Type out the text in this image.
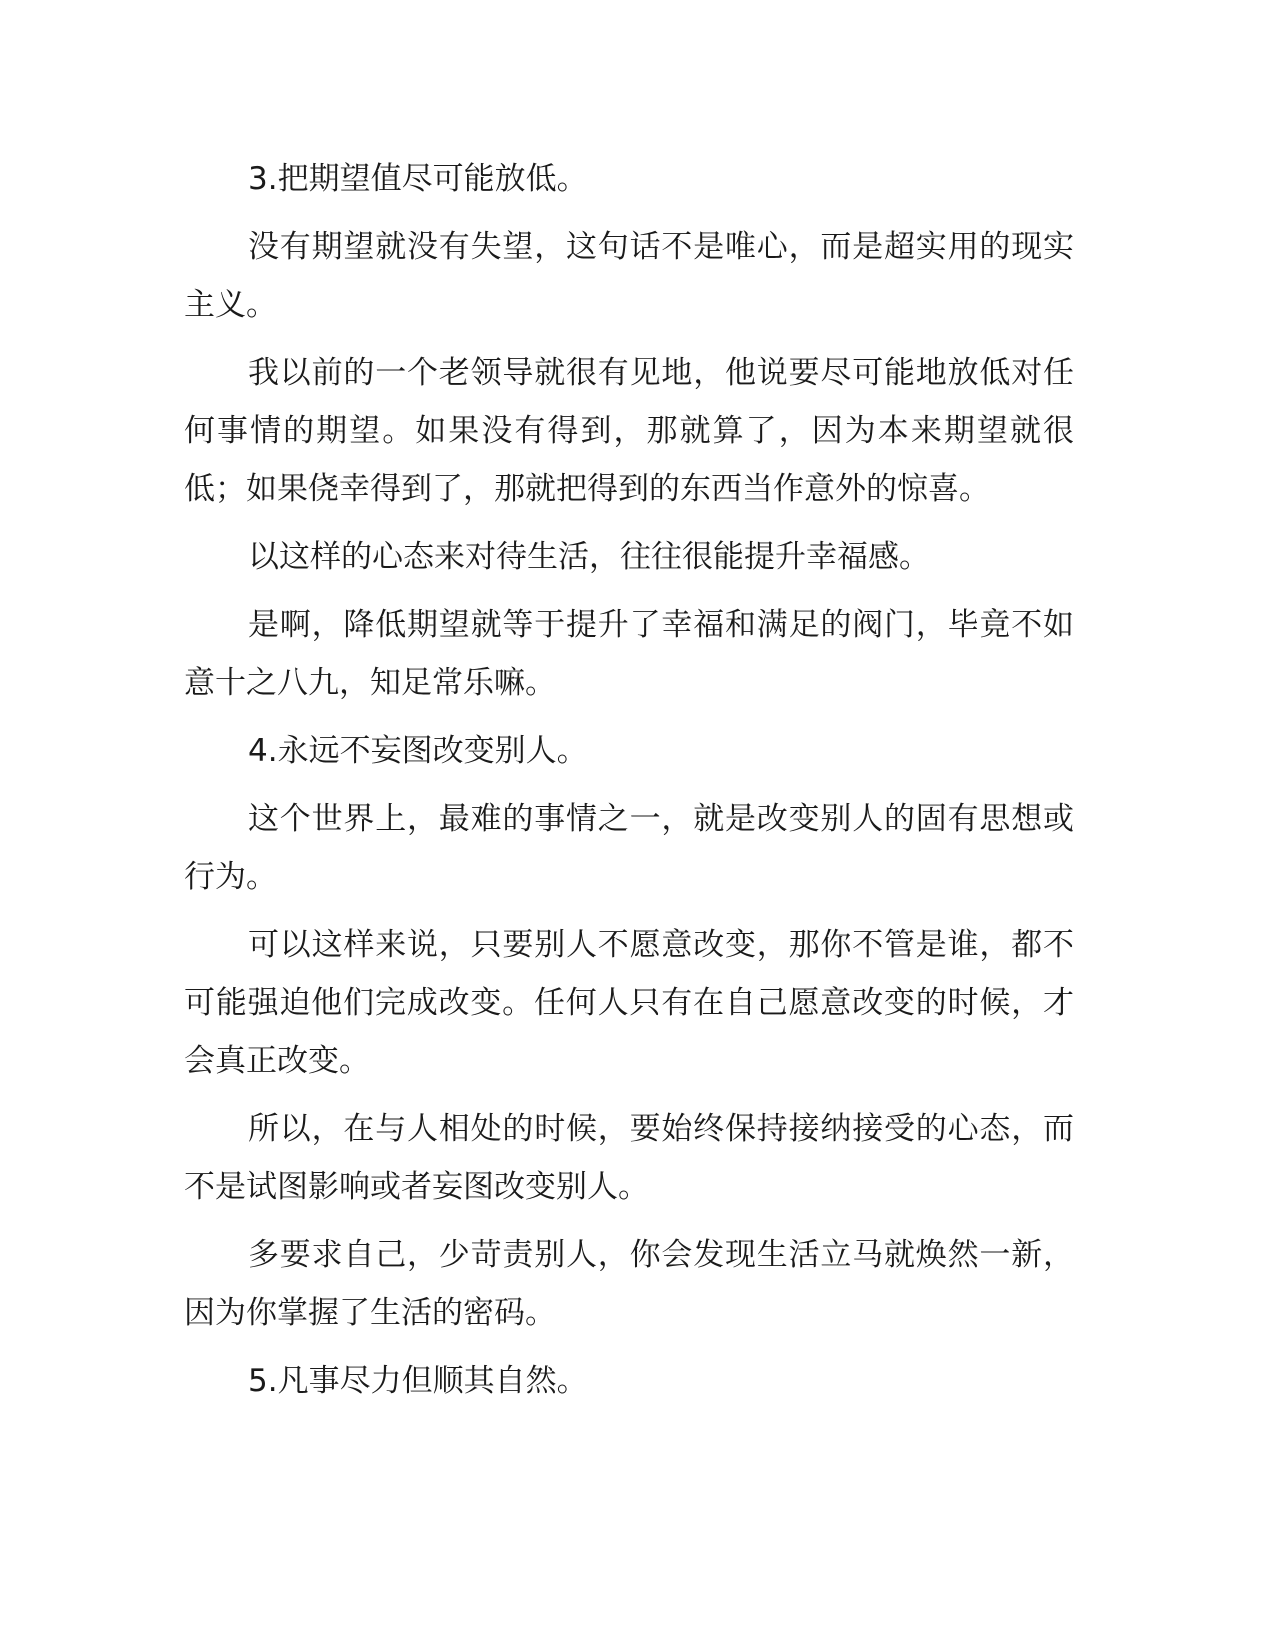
3.把期望值尽可能放低。

没有期望就没有失望，这句话不是唯心，而是超实用的现实主义。

我以前的一个老领导就很有见地，他说要尽可能地放低对任何事情的期望。如果没有得到，那就算了，因为本来期望就很低；如果侥幸得到了，那就把得到的东西当作意外的惊喜。

以这样的心态来对待生活，往往很能提升幸福感。

是啊，降低期望就等于提升了幸福和满足的阀门，毕竟不如意十之八九，知足常乐嘛。

4.永远不妄图改变别人。

这个世界上，最难的事情之一，就是改变别人的固有思想或行为。

可以这样来说，只要别人不愿意改变，那你不管是谁，都不可能强迫他们完成改变。任何人只有在自己愿意改变的时候，才会真正改变。

所以，在与人相处的时候，要始终保持接纳接受的心态，而不是试图影响或者妄图改变别人。

多要求自己，少苛责别人，你会发现生活立马就焕然一新，因为你掌握了生活的密码。

5.凡事尽力但顺其自然。
